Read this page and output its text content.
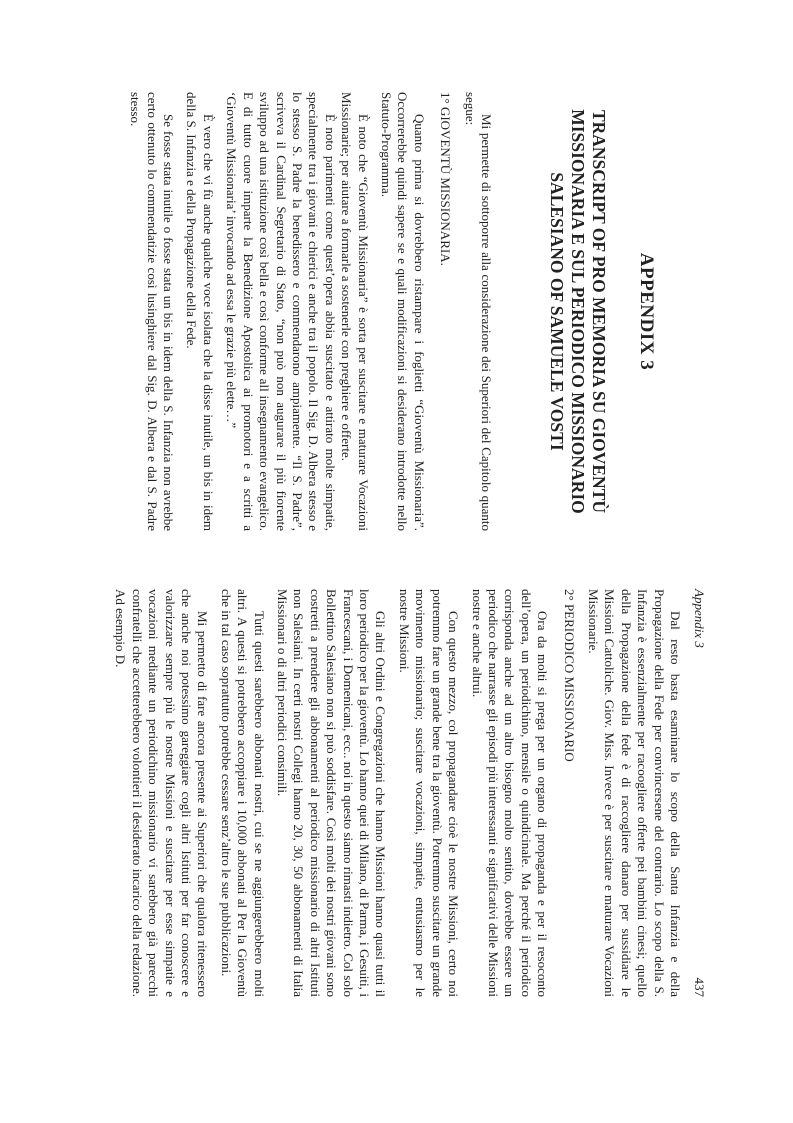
APPENDIX 3
TRANSCRIPT OF PRO MEMORIA SU GIOVENTÙ MISSIONARIA E SUL PERIODICO MISSIONARIO SALESIANO OF SAMUELE VOSTI

Mi permette di sottoporre alla considerazione dei Superiori del Capitolo quanto segue:

1° GIOVENTÙ MISSIONARIA.

Quanto prima si dovrebbero ristampare i foglietti “Gioventù Missionaria”. Occorrerebbe quindi sapere se e quali modificazioni si desiderano introdotte nello Statuto-Programma.

È noto che “Gioventù Missionaria” è sorta per suscitare e maturare Vocazioni Missionarie; per aiutare a formarle a sostenerle con preghiere e offerte.

È noto parimenti come quest’opera abbia suscitato e attirato molte simpatie, specialmente tra i giovani e chierici e anche tra il popolo. Il Sig. D. Albera stesso e lo stesso S. Padre la benedissero e commendarono ampiamente. “Il S. Padre”, scriveva il Cardinal Segretario di Stato, “non può non augurare il più fiorente sviluppo ad una istituzione così bella e così conforme all insegnamento evangelico. E di tutto cuore imparte la Benedizione Apostolica ai promotori e a scritti a ‘Gioventù Missionaria’ invocando ad essa le grazie più elette…”

È vero che vi fù anche qualche voce isolata che la disse inutile, un bis in idem della S. Infanzia e della Propagazione della Fede.

Se fosse stata inutile o fosse stata un bis in idem della S. Infanzia non avrebbe certo ottenuto lo commendatizie così lusinghiere dal Sig. D. Albera e dal S. Padre stesso.

Appendix 3
437

Dal resto basta esaminare lo scopo della Santa Infanzia e della Propagazione della Fede per convincersene del contrario. Lo scopo della S. Infanzia è essenzialmente per racoogliere offerte pei bambini cinesi; quello della Propagazione della fede è di raccogliere danaro per sussidiare le Missioni Cattoliche. Giov. Miss. Invece è per suscitare e maturare Vocazioni Missionarie.

2° PERIODICO MISSIONARIO

Ora da molti si prega per un organo di propaganda e per il resoconto dell’opera, un periodichino, mensile o quindicinale. Ma perché il periodico corrisponda anche ad un altro bisogno molto sentito, dovrebbe essere un periodico che narrasse gli episodi più interessanti e significativi delle Missioni nostre e anche altrui.

Con questo mezzo, col propagandare cioè le nostre Missioni, certo noi potremmo fare un grande bene tra la gioventù. Potremmo suscitare un grande movimento missionario; suscitare vocazioni, simpatie, entusiasmo per le nostre Missioni.

Gli altri Ordini e Congregazioni che hanno Missioni hanno quasi tutti il loro periodico per la gioventù. Lo hanno quei di Milano, di Parma, i Gesuiti, i Francescani, i Domenicani, ecc.. noi in questo siamo rimasti indietro. Col solo Bollettino Salesiano non si può soddisfare. Così molti dei nostri giovani sono costretti a prendere gli abbonamenti al periodico missionario di altri Istituti non Salesiani. In certi nostri Collegi hanno 20, 30, 50 abbonamenti di Italia Missionari o di altri periodici consimili.

Tutti questi sarebbero abbonati nostri, cui se ne aggiungerebbero molti altri. A questi si potrebbero accoppiare i 10,000 abbonati al Per la Gioventù che in tal caso soprattutto potrebbe cessare senz’altro le sue pubblicazioni.

Mi permetto di fare ancora presente ai Superiori che qualora ritenessero che anche noi potessimo gareggiare cogli altri Istituti per far conoscere e valorizzare sempre più le nostre Missioni e suscitare per esse simpatie e vocazioni mediante un periodichino missionario vi sarebbero già parecchi confratelli che accetterebbero volontieri il desiderato incarico della redazione. Ad esempio D.
